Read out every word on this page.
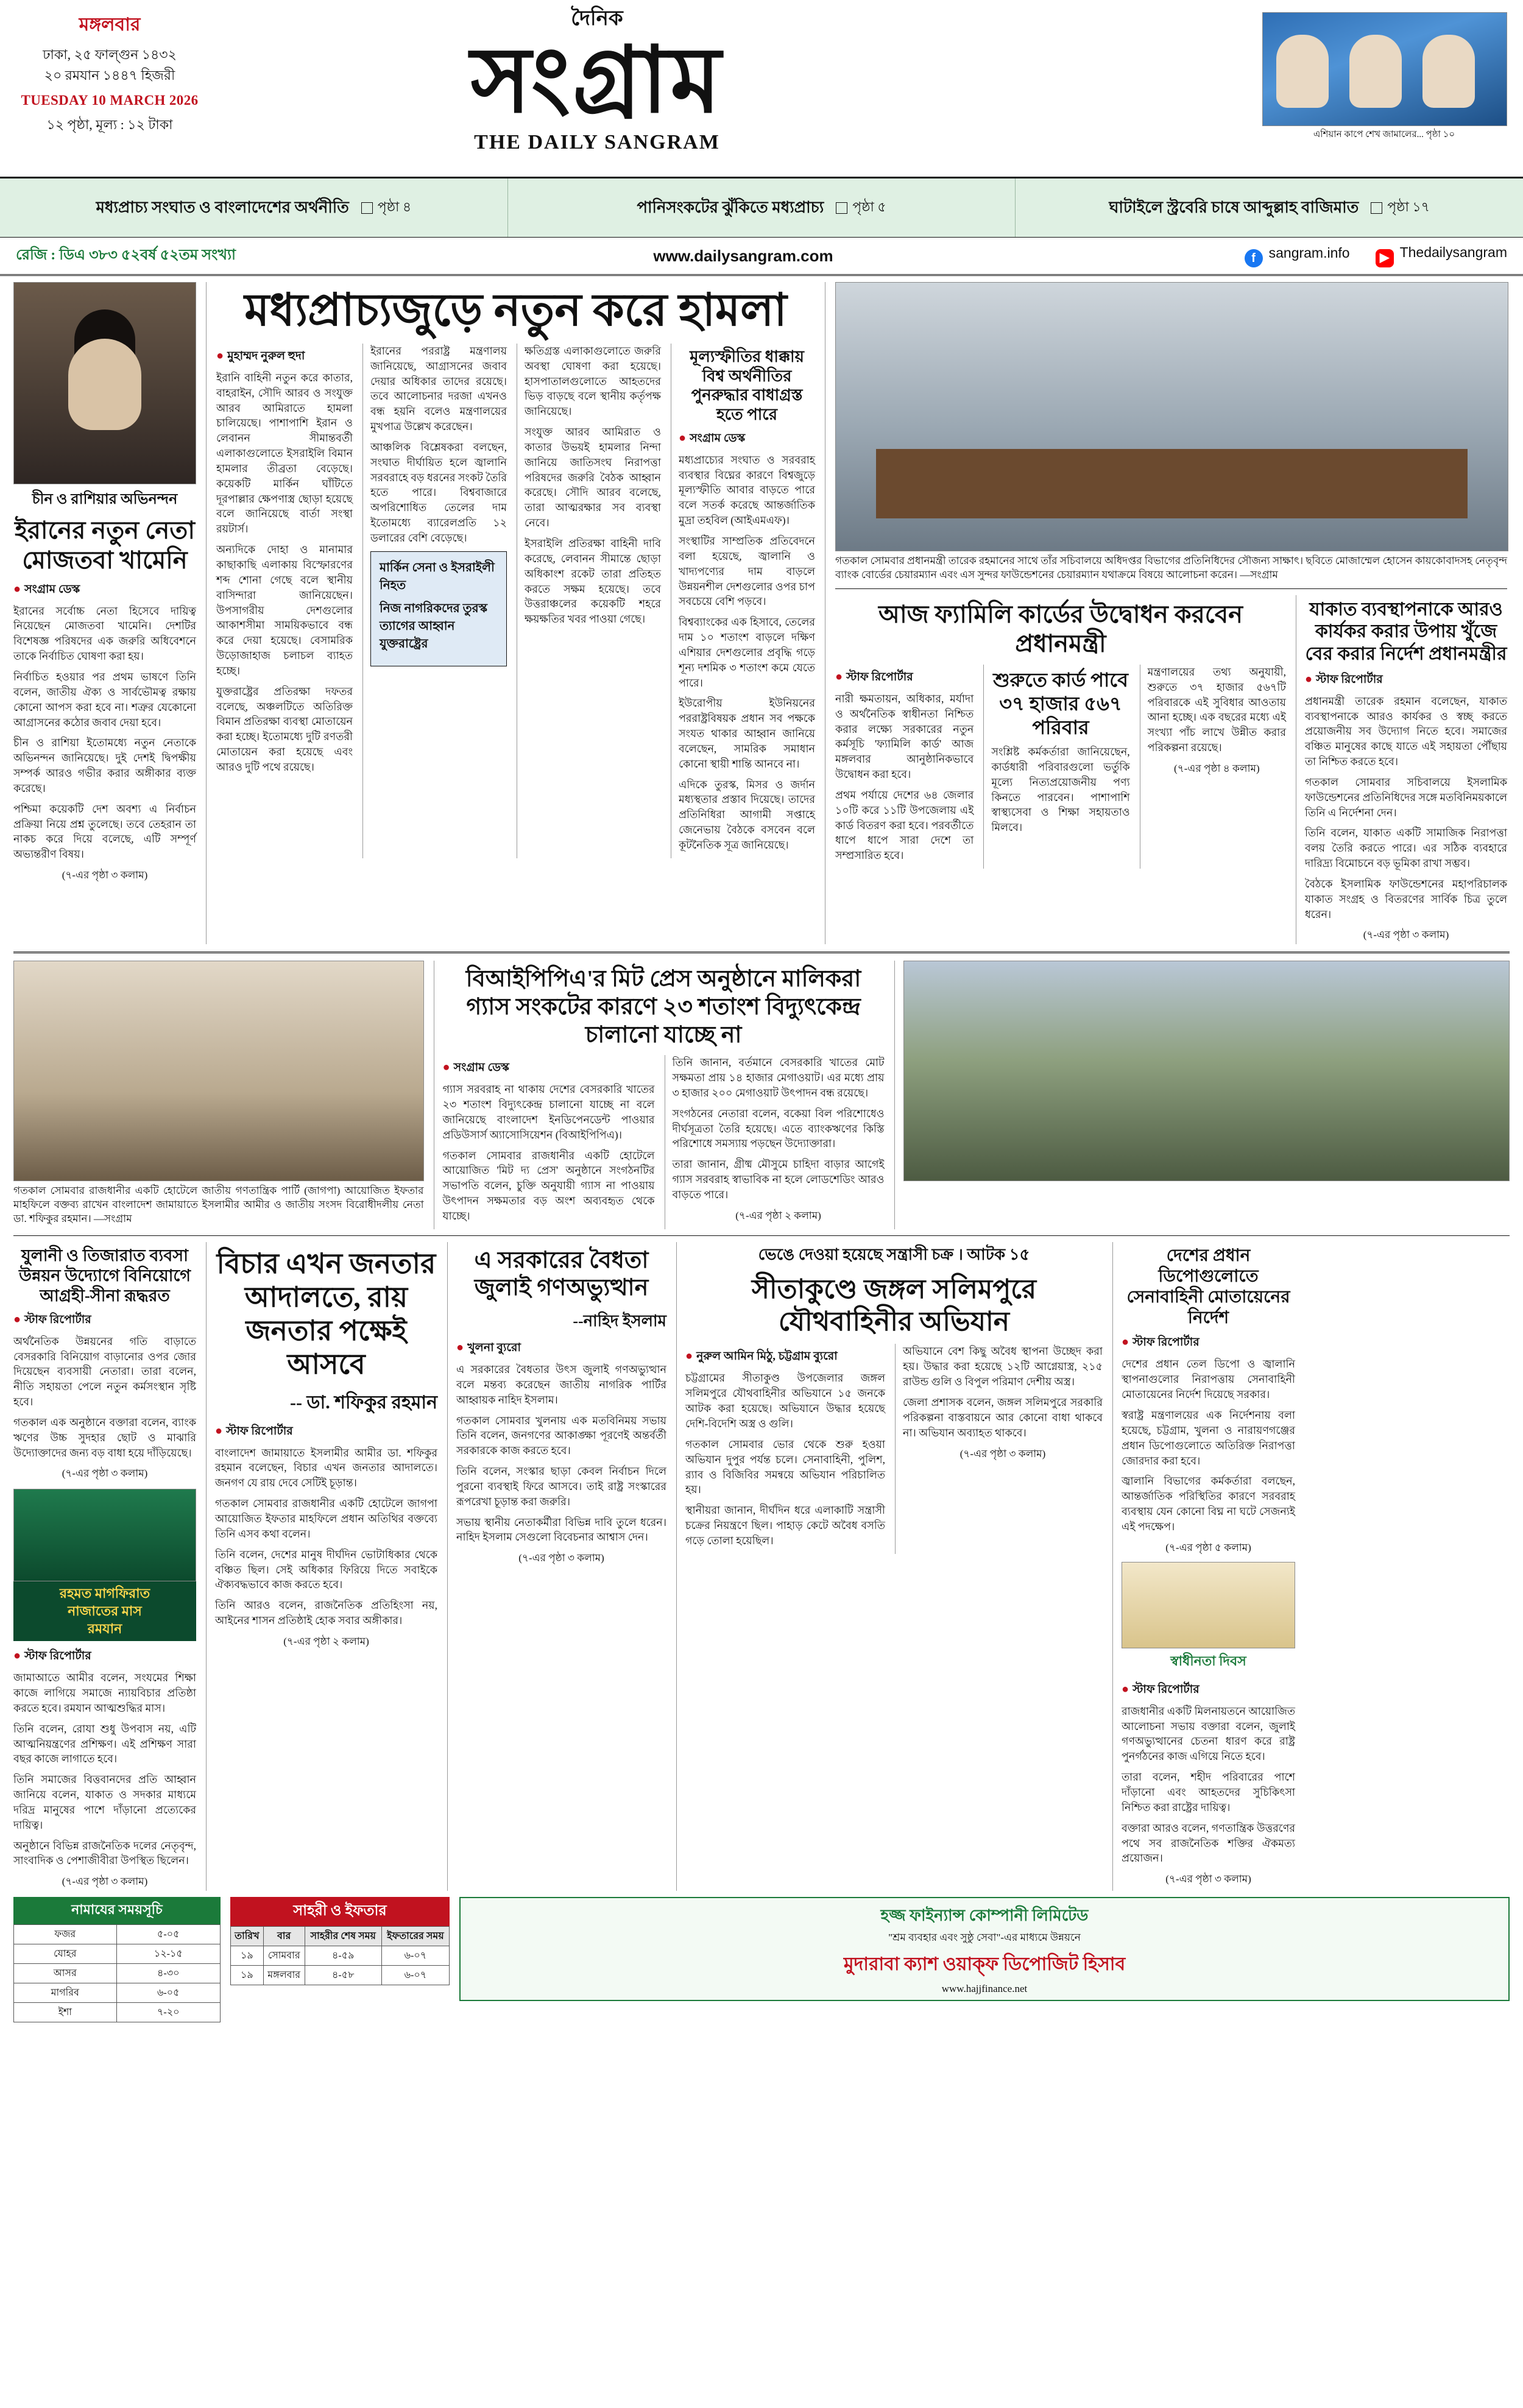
মঙ্গলবার
ঢাকা, ২৫ ফাল্গুন ১৪৩২
২০ রমযান ১৪৪৭ হিজরী
TUESDAY 10 MARCH 2026
১২ পৃষ্ঠা, মূল্য : ১২ টাকা
দৈনিক
সংগ্রাম
THE DAILY SANGRAM	এশিয়ান কাপে শেখ জামালের... পৃষ্ঠা ১০
মধ্যপ্রাচ্য সংঘাত ও বাংলাদেশের অর্থনীতি	পৃষ্ঠা ৪	পানিসংকটের ঝুঁকিতে মধ্যপ্রাচ্য	পৃষ্ঠা ৫	ঘাটাইলে স্ট্রবেরি চাষে আব্দুল্লাহ বাজিমাত	পৃষ্ঠা ১৭
রেজি : ডিএ ৩৮৩ ৫২বর্ষ ৫২তম সংখ্যা	www.dailysangram.com	f sangram.info	▶ Thedailysangram
চীন ও রাশিয়ার অভিনন্দন
ইরানের নতুন নেতা মোজতবা খামেনি
● সংগ্রাম ডেস্ক

ইরানের সর্বোচ্চ নেতা হিসেবে দায়িত্ব নিয়েছেন মোজতবা খামেনি। দেশটির বিশেষজ্ঞ পরিষদের এক জরুরি অধিবেশনে তাকে নির্বাচিত ঘোষণা করা হয়।

নির্বাচিত হওয়ার পর প্রথম ভাষণে তিনি বলেন, জাতীয় ঐক্য ও সার্বভৌমত্ব রক্ষায় কোনো আপস করা হবে না। শত্রুর যেকোনো আগ্রাসনের কঠোর জবাব দেয়া হবে।

চীন ও রাশিয়া ইতোমধ্যে নতুন নেতাকে অভিনন্দন জানিয়েছে। দুই দেশই দ্বিপক্ষীয় সম্পর্ক আরও গভীর করার অঙ্গীকার ব্যক্ত করেছে।

পশ্চিমা কয়েকটি দেশ অবশ্য এ নির্বাচন প্রক্রিয়া নিয়ে প্রশ্ন তুলেছে। তবে তেহরান তা নাকচ করে দিয়ে বলেছে, এটি সম্পূর্ণ অভ্যন্তরীণ বিষয়।

(৭-এর পৃষ্ঠা ৩ কলাম)
মধ্যপ্রাচ্যজুড়ে নতুন করে হামলা
● মুহাম্মদ নুরুল হুদা

ইরানি বাহিনী নতুন করে কাতার, বাহরাইন, সৌদি আরব ও সংযুক্ত আরব আমিরাতে হামলা চালিয়েছে। পাশাপাশি ইরান ও লেবানন সীমান্তবর্তী এলাকাগুলোতে ইসরাইলি বিমান হামলার তীব্রতা বেড়েছে। কয়েকটি মার্কিন ঘাঁটিতে দূরপাল্লার ক্ষেপণাস্ত্র ছোড়া হয়েছে বলে জানিয়েছে বার্তা সংস্থা রয়টার্স।

অন্যদিকে দোহা ও মানামার কাছাকাছি এলাকায় বিস্ফোরণের শব্দ শোনা গেছে বলে স্থানীয় বাসিন্দারা জানিয়েছেন। উপসাগরীয় দেশগুলোর আকাশসীমা সাময়িকভাবে বন্ধ করে দেয়া হয়েছে। বেসামরিক উড়োজাহাজ চলাচল ব্যাহত হচ্ছে।

যুক্তরাষ্ট্রের প্রতিরক্ষা দফতর বলেছে, অঞ্চলটিতে অতিরিক্ত বিমান প্রতিরক্ষা ব্যবস্থা মোতায়েন করা হচ্ছে। ইতোমধ্যে দুটি রণতরী মোতায়েন করা হয়েছে এবং আরও দুটি পথে রয়েছে।

ইরানের পররাষ্ট্র মন্ত্রণালয় জানিয়েছে, আগ্রাসনের জবাব দেয়ার অধিকার তাদের রয়েছে। তবে আলোচনার দরজা এখনও বন্ধ হয়নি বলেও মন্ত্রণালয়ের মুখপাত্র উল্লেখ করেছেন।

আঞ্চলিক বিশ্লেষকরা বলছেন, সংঘাত দীর্ঘায়িত হলে জ্বালানি সরবরাহে বড় ধরনের সংকট তৈরি হতে পারে। বিশ্ববাজারে অপরিশোধিত তেলের দাম ইতোমধ্যে ব্যারেলপ্রতি ১২ ডলারের বেশি বেড়েছে।

মার্কিন সেনা ও ইসরাইলী নিহত
নিজ নাগরিকদের তুরস্ক ত্যাগের আহ্বান যুক্তরাষ্ট্রের

ক্ষতিগ্রস্ত এলাকাগুলোতে জরুরি অবস্থা ঘোষণা করা হয়েছে। হাসপাতালগুলোতে আহতদের ভিড় বাড়ছে বলে স্থানীয় কর্তৃপক্ষ জানিয়েছে।

সংযুক্ত আরব আমিরাত ও কাতার উভয়ই হামলার নিন্দা জানিয়ে জাতিসংঘ নিরাপত্তা পরিষদের জরুরি বৈঠক আহ্বান করেছে। সৌদি আরব বলেছে, তারা আত্মরক্ষার সব ব্যবস্থা নেবে।

ইসরাইলি প্রতিরক্ষা বাহিনী দাবি করেছে, লেবানন সীমান্তে ছোড়া অধিকাংশ রকেট তারা প্রতিহত করতে সক্ষম হয়েছে। তবে উত্তরাঞ্চলের কয়েকটি শহরে ক্ষয়ক্ষতির খবর পাওয়া গেছে।

মূল্যস্ফীতির ধাক্কায় বিশ্ব অর্থনীতির পুনরুদ্ধার বাধাগ্রস্ত হতে পারে
● সংগ্রাম ডেস্ক

মধ্যপ্রাচ্যের সংঘাত ও সরবরাহ ব্যবস্থার বিঘ্নের কারণে বিশ্বজুড়ে মূল্যস্ফীতি আবার বাড়তে পারে বলে সতর্ক করেছে আন্তর্জাতিক মুদ্রা তহবিল (আইএমএফ)।

সংস্থাটির সাম্প্রতিক প্রতিবেদনে বলা হয়েছে, জ্বালানি ও খাদ্যপণ্যের দাম বাড়লে উন্নয়নশীল দেশগুলোর ওপর চাপ সবচেয়ে বেশি পড়বে।

বিশ্বব্যাংকের এক হিসাবে, তেলের দাম ১০ শতাংশ বাড়লে দক্ষিণ এশিয়ার দেশগুলোর প্রবৃদ্ধি গড়ে শূন্য দশমিক ৩ শতাংশ কমে যেতে পারে।

ইউরোপীয় ইউনিয়নের পররাষ্ট্রবিষয়ক প্রধান সব পক্ষকে সংযত থাকার আহ্বান জানিয়ে বলেছেন, সামরিক সমাধান কোনো স্থায়ী শান্তি আনবে না।

এদিকে তুরস্ক, মিসর ও জর্দান মধ্যস্থতার প্রস্তাব দিয়েছে। তাদের প্রতিনিধিরা আগামী সপ্তাহে জেনেভায় বৈঠকে বসবেন বলে কূটনৈতিক সূত্র জানিয়েছে।

গতকাল সোমবার প্রধানমন্ত্রী তারেক রহমানের সাথে তাঁর সচিবালয়ে অধিদপ্তর বিভাগের প্রতিনিধিদের সৌজন্য সাক্ষাৎ। ছবিতে মোজাম্মেল হোসেন কায়কোবাদসহ নেতৃবৃন্দ ব্যাংক বোর্ডের চেয়ারম্যান এবং এস সুন্দর ফাউন্ডেশনের চেয়ারম্যান যথাক্রমে বিষয়ে আলোচনা করেন। —সংগ্রাম
আজ ফ্যামিলি কার্ডের উদ্বোধন করবেন প্রধানমন্ত্রী
● স্টাফ রিপোর্টার

নারী ক্ষমতায়ন, অধিকার, মর্যাদা ও অর্থনৈতিক স্বাধীনতা নিশ্চিত করার লক্ষ্যে সরকারের নতুন কর্মসূচি 'ফ্যামিলি কার্ড' আজ মঙ্গলবার আনুষ্ঠানিকভাবে উদ্বোধন করা হবে।

প্রথম পর্যায়ে দেশের ৬৪ জেলার ১০টি করে ১১টি উপজেলায় এই কার্ড বিতরণ করা হবে। পরবর্তীতে ধাপে ধাপে সারা দেশে তা সম্প্রসারিত হবে।

শুরুতে কার্ড পাবে ৩৭ হাজার ৫৬৭ পরিবার

সংশ্লিষ্ট কর্মকর্তারা জানিয়েছেন, কার্ডধারী পরিবারগুলো ভর্তুকি মূল্যে নিত্যপ্রয়োজনীয় পণ্য কিনতে পারবেন। পাশাপাশি স্বাস্থ্যসেবা ও শিক্ষা সহায়তাও মিলবে।

মন্ত্রণালয়ের তথ্য অনুযায়ী, শুরুতে ৩৭ হাজার ৫৬৭টি পরিবারকে এই সুবিধার আওতায় আনা হচ্ছে। এক বছরের মধ্যে এই সংখ্যা পাঁচ লাখে উন্নীত করার পরিকল্পনা রয়েছে।

(৭-এর পৃষ্ঠা ৪ কলাম)
যাকাত ব্যবস্থাপনাকে আরও কার্যকর করার উপায় খুঁজে বের করার নির্দেশ প্রধানমন্ত্রীর
● স্টাফ রিপোর্টার

প্রধানমন্ত্রী তারেক রহমান বলেছেন, যাকাত ব্যবস্থাপনাকে আরও কার্যকর ও স্বচ্ছ করতে প্রয়োজনীয় সব উদ্যোগ নিতে হবে। সমাজের বঞ্চিত মানুষের কাছে যাতে এই সহায়তা পৌঁছায় তা নিশ্চিত করতে হবে।

গতকাল সোমবার সচিবালয়ে ইসলামিক ফাউন্ডেশনের প্রতিনিধিদের সঙ্গে মতবিনিময়কালে তিনি এ নির্দেশনা দেন।

তিনি বলেন, যাকাত একটি সামাজিক নিরাপত্তা বলয় তৈরি করতে পারে। এর সঠিক ব্যবহারে দারিদ্র্য বিমোচনে বড় ভূমিকা রাখা সম্ভব।

বৈঠকে ইসলামিক ফাউন্ডেশনের মহাপরিচালক যাকাত সংগ্রহ ও বিতরণের সার্বিক চিত্র তুলে ধরেন।

(৭-এর পৃষ্ঠা ৩ কলাম)
গতকাল সোমবার রাজধানীর একটি হোটেলে জাতীয় গণতান্ত্রিক পার্টি (জাগপা) আয়োজিত ইফতার মাহফিলে বক্তব্য রাখেন বাংলাদেশ জামায়াতে ইসলামীর আমীর ও জাতীয় সংসদ বিরোধীদলীয় নেতা ডা. শফিকুর রহমান। —সংগ্রাম
বিআইপিপিএ'র মিট প্রেস অনুষ্ঠানে মালিকরা গ্যাস সংকটের কারণে ২৩ শতাংশ বিদ্যুৎকেন্দ্র চালানো যাচ্ছে না
● সংগ্রাম ডেস্ক

গ্যাস সরবরাহ না থাকায় দেশের বেসরকারি খাতের ২৩ শতাংশ বিদ্যুৎকেন্দ্র চালানো যাচ্ছে না বলে জানিয়েছে বাংলাদেশ ইনডিপেনডেন্ট পাওয়ার প্রডিউসার্স অ্যাসোসিয়েশন (বিআইপিপিএ)।

গতকাল সোমবার রাজধানীর একটি হোটেলে আয়োজিত 'মিট দ্য প্রেস' অনুষ্ঠানে সংগঠনটির সভাপতি বলেন, চুক্তি অনুযায়ী গ্যাস না পাওয়ায় উৎপাদন সক্ষমতার বড় অংশ অব্যবহৃত থেকে যাচ্ছে।

তিনি জানান, বর্তমানে বেসরকারি খাতের মোট সক্ষমতা প্রায় ১৪ হাজার মেগাওয়াট। এর মধ্যে প্রায় ৩ হাজার ২০০ মেগাওয়াট উৎপাদন বন্ধ রয়েছে।

সংগঠনের নেতারা বলেন, বকেয়া বিল পরিশোধেও দীর্ঘসূত্রতা তৈরি হয়েছে। এতে ব্যাংকঋণের কিস্তি পরিশোধে সমস্যায় পড়ছেন উদ্যোক্তারা।

তারা জানান, গ্রীষ্ম মৌসুমে চাহিদা বাড়ার আগেই গ্যাস সরবরাহ স্বাভাবিক না হলে লোডশেডিং আরও বাড়তে পারে।

(৭-এর পৃষ্ঠা ২ কলাম)
যুলানী ও তিজারাত ব্যবসা উন্নয়ন উদ্যোগে বিনিয়োগে আগ্রহী-সীনা রূদ্ধরত
● স্টাফ রিপোর্টার

অর্থনৈতিক উন্নয়নের গতি বাড়াতে বেসরকারি বিনিয়োগ বাড়ানোর ওপর জোর দিয়েছেন ব্যবসায়ী নেতারা। তারা বলেন, নীতি সহায়তা পেলে নতুন কর্মসংস্থান সৃষ্টি হবে।

গতকাল এক অনুষ্ঠানে বক্তারা বলেন, ব্যাংক ঋণের উচ্চ সুদহার ছোট ও মাঝারি উদ্যোক্তাদের জন্য বড় বাধা হয়ে দাঁড়িয়েছে।

(৭-এর পৃষ্ঠা ৩ কলাম)
রহমত মাগফিরাত
নাজাতের মাস
রমযান
● স্টাফ রিপোর্টার

জামাআতে আমীর বলেন, সংযমের শিক্ষা কাজে লাগিয়ে সমাজে ন্যায়বিচার প্রতিষ্ঠা করতে হবে। রমযান আত্মশুদ্ধির মাস।

তিনি বলেন, রোযা শুধু উপবাস নয়, এটি আত্মনিয়ন্ত্রণের প্রশিক্ষণ। এই প্রশিক্ষণ সারা বছর কাজে লাগাতে হবে।

তিনি সমাজের বিত্তবানদের প্রতি আহ্বান জানিয়ে বলেন, যাকাত ও সদকার মাধ্যমে দরিদ্র মানুষের পাশে দাঁড়ানো প্রত্যেকের দায়িত্ব।

অনুষ্ঠানে বিভিন্ন রাজনৈতিক দলের নেতৃবৃন্দ, সাংবাদিক ও পেশাজীবীরা উপস্থিত ছিলেন।

(৭-এর পৃষ্ঠা ৩ কলাম)
বিচার এখন জনতার আদালতে, রায় জনতার পক্ষেই আসবে
-- ডা. শফিকুর রহমান
● স্টাফ রিপোর্টার

বাংলাদেশ জামায়াতে ইসলামীর আমীর ডা. শফিকুর রহমান বলেছেন, বিচার এখন জনতার আদালতে। জনগণ যে রায় দেবে সেটিই চূড়ান্ত।

গতকাল সোমবার রাজধানীর একটি হোটেলে জাগপা আয়োজিত ইফতার মাহফিলে প্রধান অতিথির বক্তব্যে তিনি এসব কথা বলেন।

তিনি বলেন, দেশের মানুষ দীর্ঘদিন ভোটাধিকার থেকে বঞ্চিত ছিল। সেই অধিকার ফিরিয়ে দিতে সবাইকে ঐক্যবদ্ধভাবে কাজ করতে হবে।

তিনি আরও বলেন, রাজনৈতিক প্রতিহিংসা নয়, আইনের শাসন প্রতিষ্ঠাই হোক সবার অঙ্গীকার।

(৭-এর পৃষ্ঠা ২ কলাম)
এ সরকারের বৈধতা জুলাই গণঅভ্যুত্থান
--নাহিদ ইসলাম
● খুলনা ব্যুরো

এ সরকারের বৈধতার উৎস জুলাই গণঅভ্যুত্থান বলে মন্তব্য করেছেন জাতীয় নাগরিক পার্টির আহ্বায়ক নাহিদ ইসলাম।

গতকাল সোমবার খুলনায় এক মতবিনিময় সভায় তিনি বলেন, জনগণের আকাঙ্ক্ষা পূরণেই অন্তর্বর্তী সরকারকে কাজ করতে হবে।

তিনি বলেন, সংস্কার ছাড়া কেবল নির্বাচন দিলে পুরনো ব্যবস্থাই ফিরে আসবে। তাই রাষ্ট্র সংস্কারের রূপরেখা চূড়ান্ত করা জরুরি।

সভায় স্থানীয় নেতাকর্মীরা বিভিন্ন দাবি তুলে ধরেন। নাহিদ ইসলাম সেগুলো বিবেচনার আশ্বাস দেন।

(৭-এর পৃষ্ঠা ৩ কলাম)
ভেঙে দেওয়া হয়েছে সন্ত্রাসী চক্র । আটক ১৫
সীতাকুণ্ডে জঙ্গল সলিমপুরে যৌথবাহিনীর অভিযান
● নুরুল আমিন মিঠু, চট্টগ্রাম ব্যুরো

চট্টগ্রামের সীতাকুণ্ড উপজেলার জঙ্গল সলিমপুরে যৌথবাহিনীর অভিযানে ১৫ জনকে আটক করা হয়েছে। অভিযানে উদ্ধার হয়েছে দেশি-বিদেশি অস্ত্র ও গুলি।

গতকাল সোমবার ভোর থেকে শুরু হওয়া অভিযান দুপুর পর্যন্ত চলে। সেনাবাহিনী, পুলিশ, র‍্যাব ও বিজিবির সমন্বয়ে অভিযান পরিচালিত হয়।

স্থানীয়রা জানান, দীর্ঘদিন ধরে এলাকাটি সন্ত্রাসী চক্রের নিয়ন্ত্রণে ছিল। পাহাড় কেটে অবৈধ বসতি গড়ে তোলা হয়েছিল।

অভিযানে বেশ কিছু অবৈধ স্থাপনা উচ্ছেদ করা হয়। উদ্ধার করা হয়েছে ১২টি আগ্নেয়াস্ত্র, ২১৫ রাউন্ড গুলি ও বিপুল পরিমাণ দেশীয় অস্ত্র।

জেলা প্রশাসক বলেন, জঙ্গল সলিমপুরে সরকারি পরিকল্পনা বাস্তবায়নে আর কোনো বাধা থাকবে না। অভিযান অব্যাহত থাকবে।

(৭-এর পৃষ্ঠা ৩ কলাম)
দেশের প্রধান ডিপোগুলোতে সেনাবাহিনী মোতায়েনের নির্দেশ
● স্টাফ রিপোর্টার

দেশের প্রধান তেল ডিপো ও জ্বালানি স্থাপনাগুলোর নিরাপত্তায় সেনাবাহিনী মোতায়েনের নির্দেশ দিয়েছে সরকার।

স্বরাষ্ট্র মন্ত্রণালয়ের এক নির্দেশনায় বলা হয়েছে, চট্টগ্রাম, খুলনা ও নারায়ণগঞ্জের প্রধান ডিপোগুলোতে অতিরিক্ত নিরাপত্তা জোরদার করা হবে।

জ্বালানি বিভাগের কর্মকর্তারা বলছেন, আন্তর্জাতিক পরিস্থিতির কারণে সরবরাহ ব্যবস্থায় যেন কোনো বিঘ্ন না ঘটে সেজন্যই এই পদক্ষেপ।

(৭-এর পৃষ্ঠা ৫ কলাম)
স্বাধীনতা দিবস
● স্টাফ রিপোর্টার

রাজধানীর একটি মিলনায়তনে আয়োজিত আলোচনা সভায় বক্তারা বলেন, জুলাই গণঅভ্যুত্থানের চেতনা ধারণ করে রাষ্ট্র পুনর্গঠনের কাজ এগিয়ে নিতে হবে।

তারা বলেন, শহীদ পরিবারের পাশে দাঁড়ানো এবং আহতদের সুচিকিৎসা নিশ্চিত করা রাষ্ট্রের দায়িত্ব।

বক্তারা আরও বলেন, গণতান্ত্রিক উত্তরণের পথে সব রাজনৈতিক শক্তির ঐকমত্য প্রয়োজন।

(৭-এর পৃষ্ঠা ৩ কলাম)
নামাযের সময়সূচি
ফজর	৫-০৫
যোহর	১২-১৫
আসর	৪-৩০
মাগরিব	৬-০৫
ইশা	৭-২০
সাহরী ও ইফতার
তারিখ	বার	সাহরীর শেষ সময়	ইফতারের সময়
১৯	সোমবার	৪-৫৯	৬-০৭
১৯	মঙ্গলবার	৪-৫৮	৬-০৭
হজ্জ ফাইন্যান্স কোম্পানী লিমিটেড
"শ্রম ব্যবহার এবং সুষ্ঠু সেবা"-এর মাধ্যমে উন্নয়নে
মুদারাবা ক্যাশ ওয়াক্ফ ডিপোজিট হিসাব
www.hajjfinance.net
